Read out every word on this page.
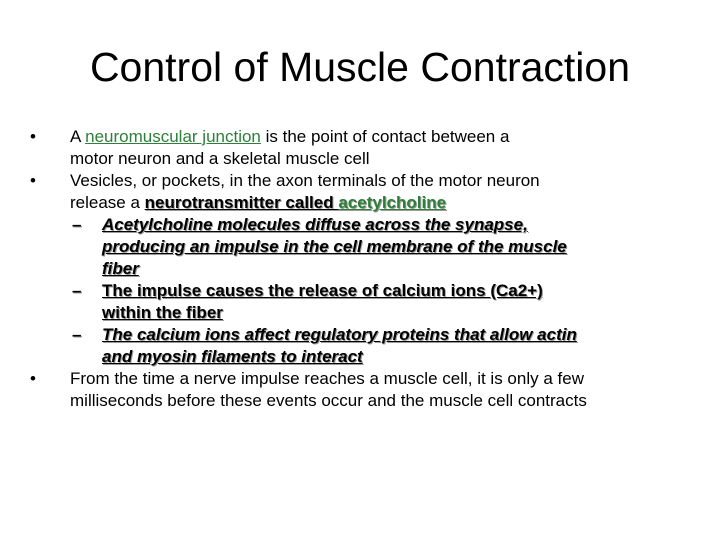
Control of Muscle Contraction
• A neuromuscular junction is the point of contact between a
motor neuron and a skeletal muscle cell
• Vesicles, or pockets, in the axon terminals of the motor neuron
release a neurotransmitter called acetylcholine
– Acetylcholine molecules diffuse across the synapse,
producing an impulse in the cell membrane of the muscle
fiber
– The impulse causes the release of calcium ions (Ca2+)
within the fiber
– The calcium ions affect regulatory proteins that allow actin
and myosin filaments to interact
• From the time a nerve impulse reaches a muscle cell, it is only a few
milliseconds before these events occur and the muscle cell contracts
